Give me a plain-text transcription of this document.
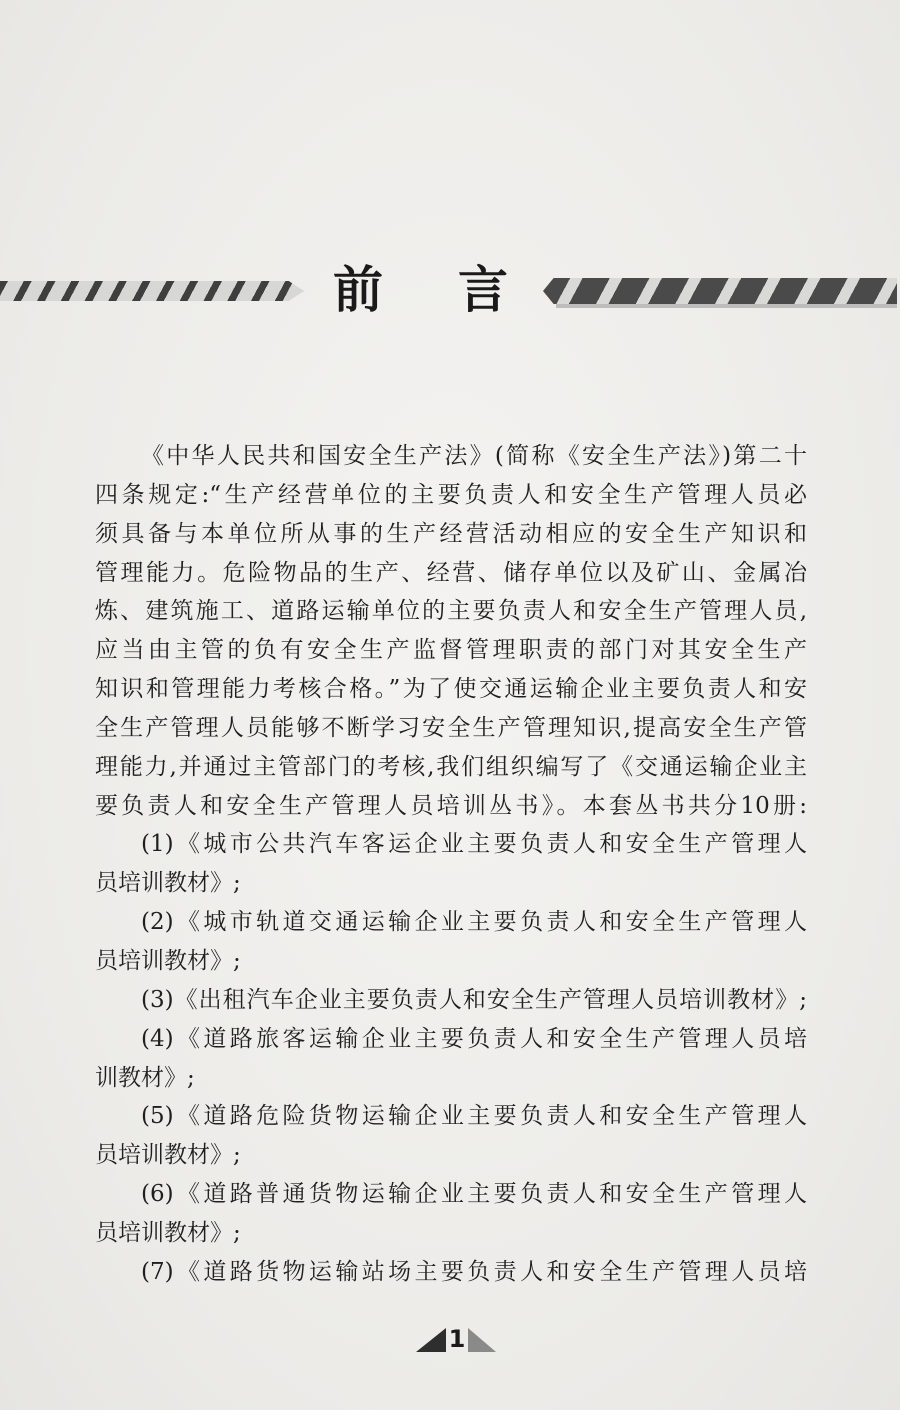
前言
《中华人民共和国安全生产法》(简称《安全生产法》)第二十
四条规定:“生产经营单位的主要负责人和安全生产管理人员必
须具备与本单位所从事的生产经营活动相应的安全生产知识和
管理能力。危险物品的生产、经营、储存单位以及矿山、金属冶
炼、建筑施工、道路运输单位的主要负责人和安全生产管理人员,
应当由主管的负有安全生产监督管理职责的部门对其安全生产
知识和管理能力考核合格。”为了使交通运输企业主要负责人和安
全生产管理人员能够不断学习安全生产管理知识,提高安全生产管
理能力,并通过主管部门的考核,我们组织编写了《交通运输企业主
要负责人和安全生产管理人员培训丛书》。本套丛书共分10册:
(1)《城市公共汽车客运企业主要负责人和安全生产管理人
员培训教材》;
(2)《城市轨道交通运输企业主要负责人和安全生产管理人
员培训教材》;
(3)《出租汽车企业主要负责人和安全生产管理人员培训教材》;
(4)《道路旅客运输企业主要负责人和安全生产管理人员培
训教材》;
(5)《道路危险货物运输企业主要负责人和安全生产管理人
员培训教材》;
(6)《道路普通货物运输企业主要负责人和安全生产管理人
员培训教材》;
(7)《道路货物运输站场主要负责人和安全生产管理人员培
1
